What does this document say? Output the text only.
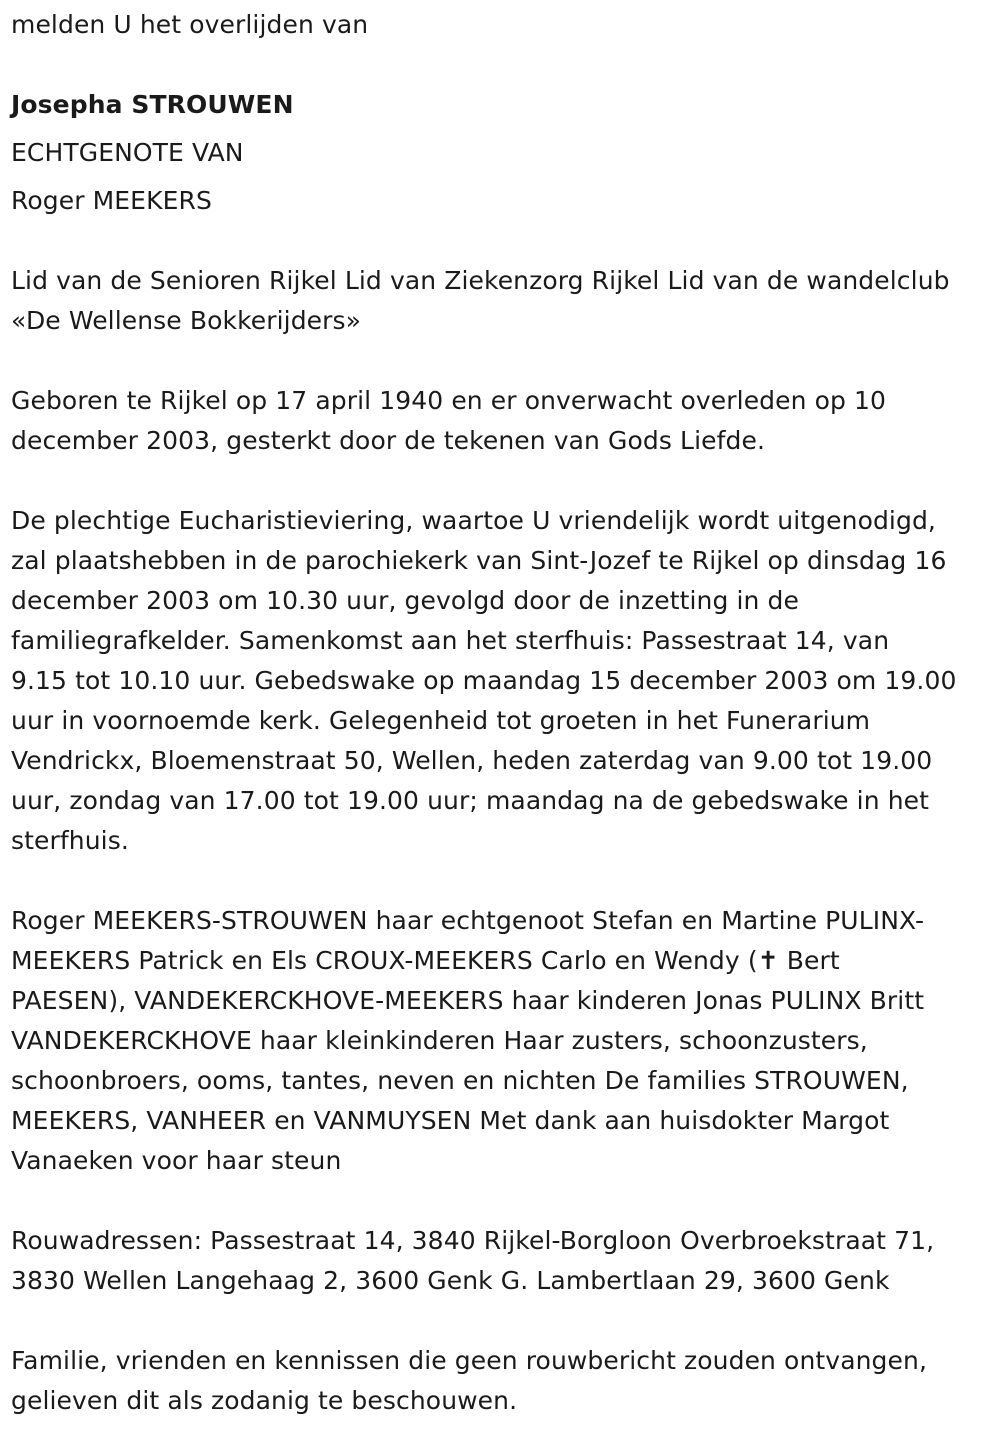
melden U het overlijden van

Josepha STROUWEN

ECHTGENOTE VAN

Roger MEEKERS

Lid van de Senioren Rijkel Lid van Ziekenzorg Rijkel Lid van de wandelclub

«De Wellense Bokkerijders»

Geboren te Rijkel op 17 april 1940 en er onverwacht overleden op 10

december 2003, gesterkt door de tekenen van Gods Liefde.

De plechtige Eucharistieviering, waartoe U vriendelijk wordt uitgenodigd,

zal plaatshebben in de parochiekerk van Sint-Jozef te Rijkel op dinsdag 16

december 2003 om 10.30 uur, gevolgd door de inzetting in de

familiegrafkelder. Samenkomst aan het sterfhuis: Passestraat 14, van

9.15 tot 10.10 uur. Gebedswake op maandag 15 december 2003 om 19.00

uur in voornoemde kerk. Gelegenheid tot groeten in het Funerarium

Vendrickx, Bloemenstraat 50, Wellen, heden zaterdag van 9.00 tot 19.00

uur, zondag van 17.00 tot 19.00 uur; maandag na de gebedswake in het

sterfhuis.

Roger MEEKERS-STROUWEN haar echtgenoot Stefan en Martine PULINX-

MEEKERS Patrick en Els CROUX-MEEKERS Carlo en Wendy (✝ Bert

PAESEN), VANDEKERCKHOVE-MEEKERS haar kinderen Jonas PULINX Britt

VANDEKERCKHOVE haar kleinkinderen Haar zusters, schoonzusters,

schoonbroers, ooms, tantes, neven en nichten De families STROUWEN,

MEEKERS, VANHEER en VANMUYSEN Met dank aan huisdokter Margot

Vanaeken voor haar steun

Rouwadressen: Passestraat 14, 3840 Rijkel-Borgloon Overbroekstraat 71,

3830 Wellen Langehaag 2, 3600 Genk G. Lambertlaan 29, 3600 Genk

Familie, vrienden en kennissen die geen rouwbericht zouden ontvangen,

gelieven dit als zodanig te beschouwen.
